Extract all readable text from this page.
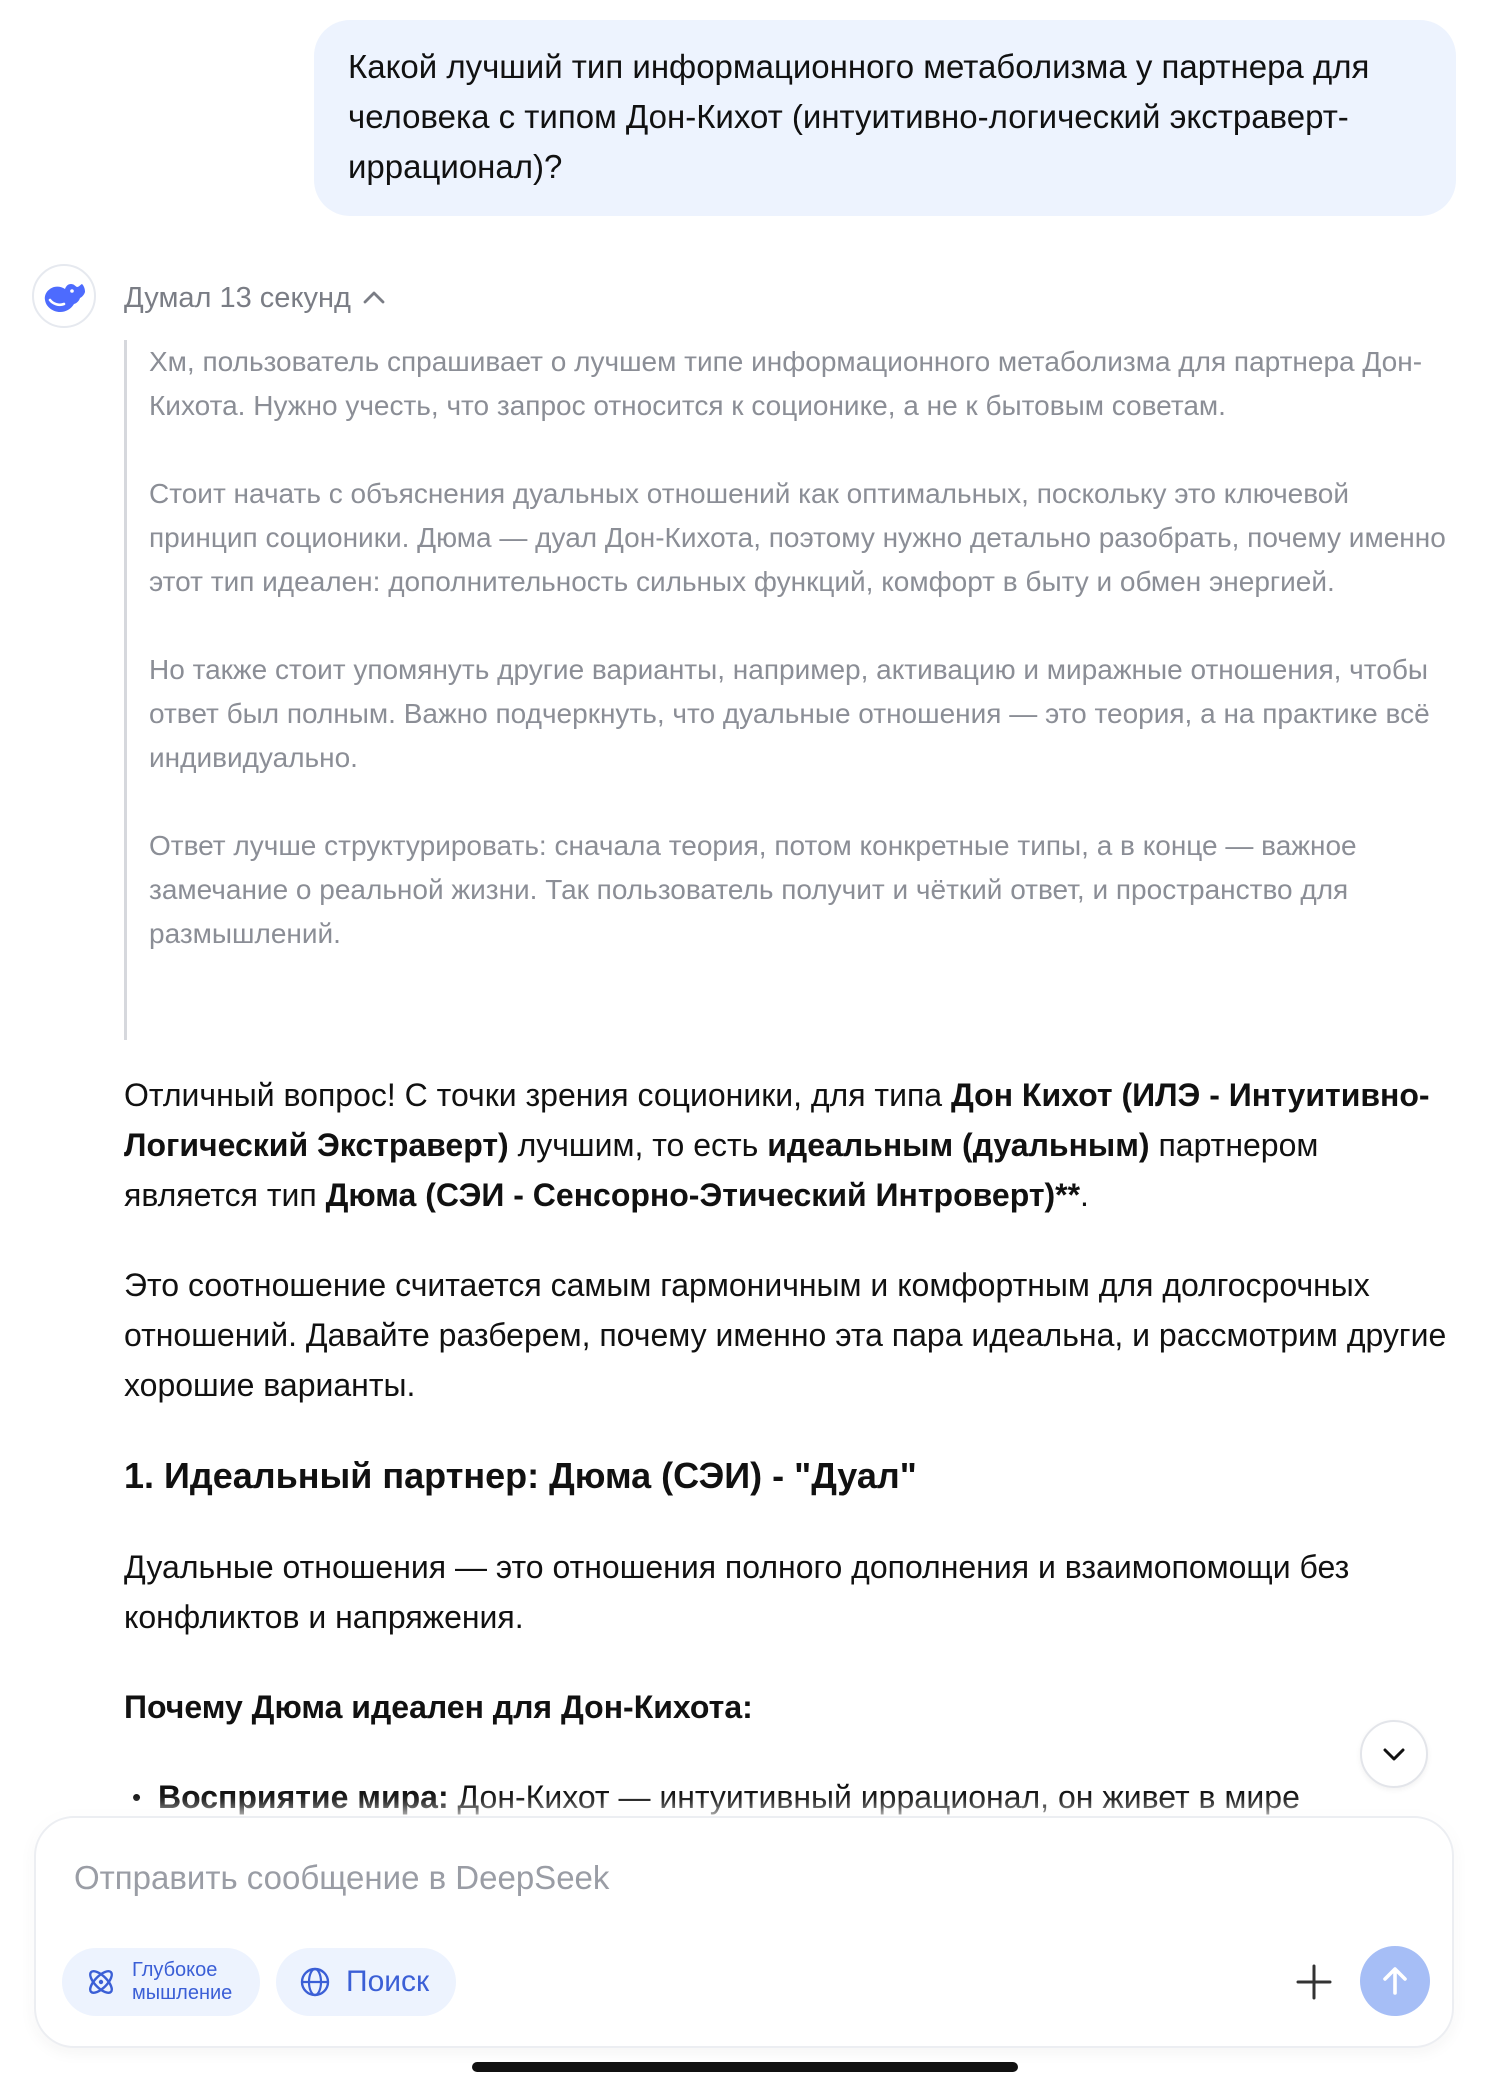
Какой лучший тип информационного метаболизма у партнера для человека с типом Дон-Кихот (интуитивно-логический экстраверт-иррационал)?
Думал 13 секунд

Хм, пользователь спрашивает о лучшем типе информационного метаболизма для партнера Дон-Кихота. Нужно учесть, что запрос относится к соционике, а не к бытовым советам.

Стоит начать с объяснения дуальных отношений как оптимальных, поскольку это ключевой принцип соционики. Дюма — дуал Дон-Кихота, поэтому нужно детально разобрать, почему именно этот тип идеален: дополнительность сильных функций, комфорт в быту и обмен энергией.

Но также стоит упомянуть другие варианты, например, активацию и миражные отношения, чтобы ответ был полным. Важно подчеркнуть, что дуальные отношения — это теория, а на практике всё индивидуально.

Ответ лучше структурировать: сначала теория, потом конкретные типы, а в конце — важное замечание о реальной жизни. Так пользователь получит и чёткий ответ, и пространство для размышлений.

Отличный вопрос! С точки зрения соционики, для типа Дон Кихот (ИЛЭ - Интуитивно-Логический Экстраверт) лучшим, то есть идеальным (дуальным) партнером является тип Дюма (СЭИ - Сенсорно-Этический Интроверт)**.

Это соотношение считается самым гармоничным и комфортным для долгосрочных отношений. Давайте разберем, почему именно эта пара идеальна, и рассмотрим другие хорошие варианты.

1. Идеальный партнер: Дюма (СЭИ) - "Дуал"

Дуальные отношения — это отношения полного дополнения и взаимопомощи без конфликтов и напряжения.

Почему Дюма идеален для Дон-Кихота:
• Восприятие мира: Дон-Кихот — интуитивный иррационал, он живет в мире
Отправить сообщение в DeepSeek
Глубокое
мышление	Поиск
